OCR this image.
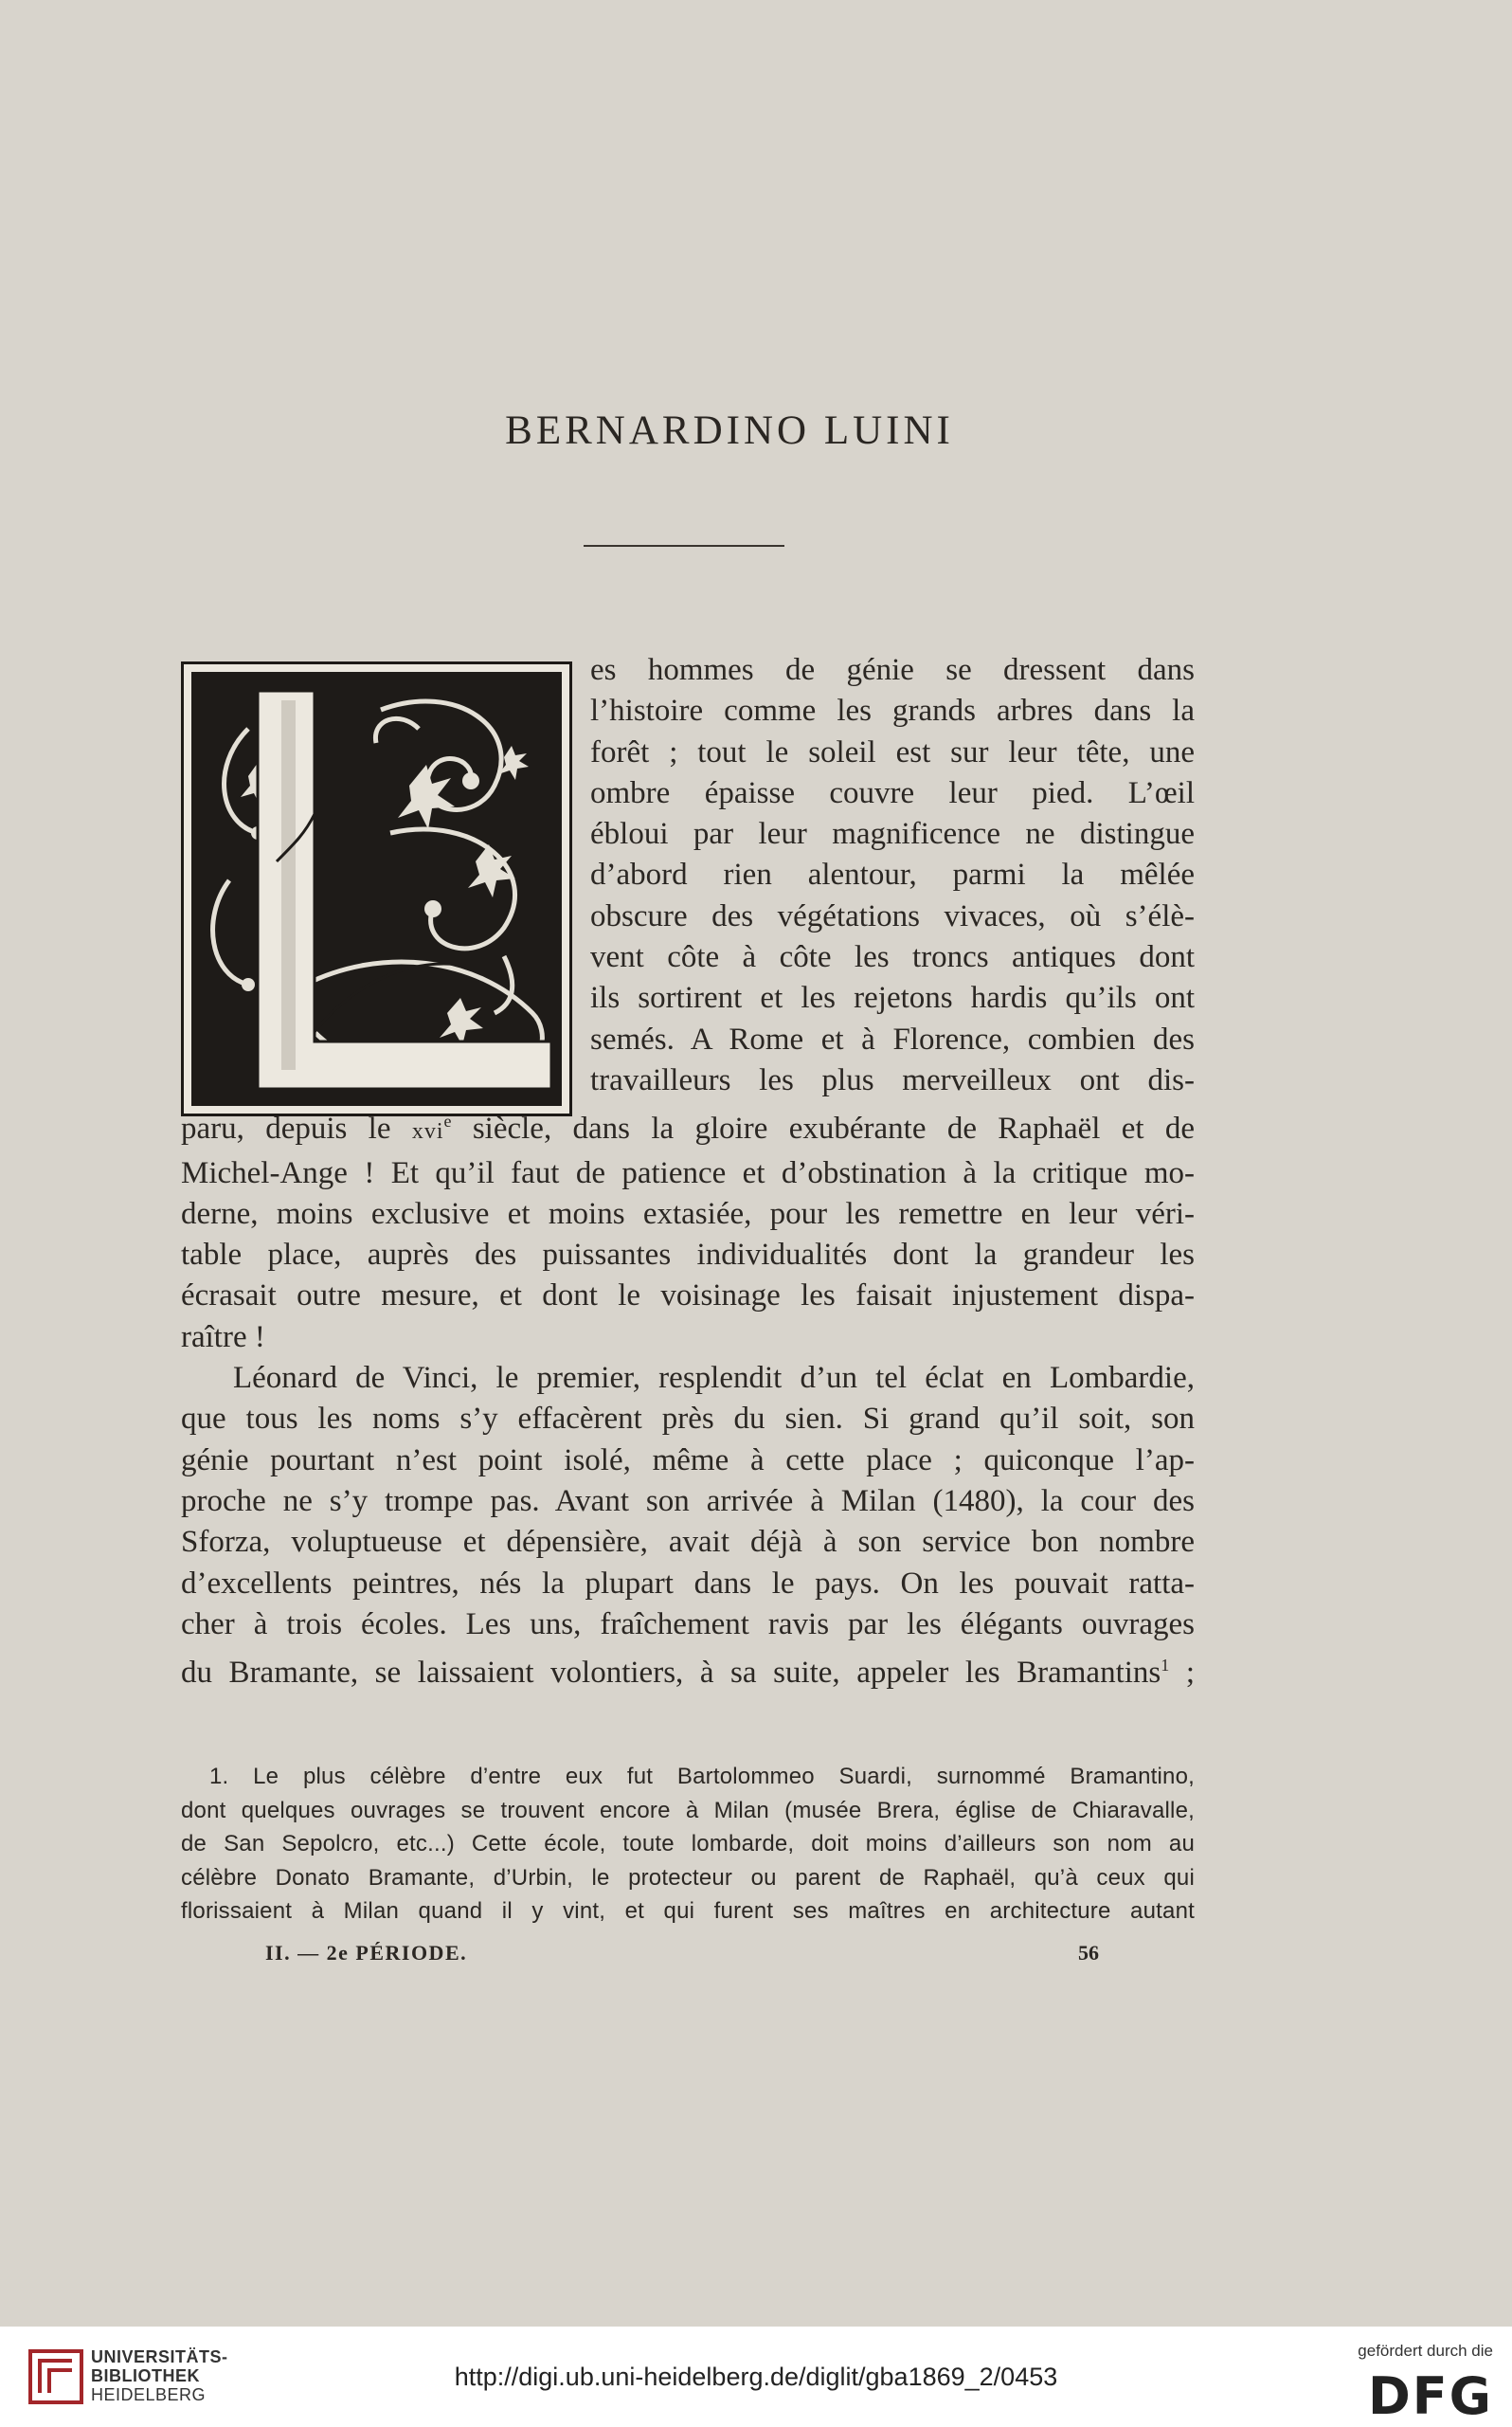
BERNARDINO LUINI
es hommes de génie se dressent dans
l’histoire comme les grands arbres dans la
forêt ; tout le soleil est sur leur tête, une
ombre épaisse couvre leur pied. L’œil
ébloui par leur magnificence ne distingue
d’abord rien alentour, parmi la mêlée
obscure des végétations vivaces, où s’élè-
vent côte à côte les troncs antiques dont
ils sortirent et les rejetons hardis qu’ils ont
semés. A Rome et à Florence, combien des
travailleurs les plus merveilleux ont dis-
paru, depuis le xvi$^e$ siècle, dans la gloire exubérante de Raphaël et de
Michel-Ange ! Et qu’il faut de patience et d’obstination à la critique mo-
derne, moins exclusive et moins extasiée, pour les remettre en leur véri-
table place, auprès des puissantes individualités dont la grandeur les
écrasait outre mesure, et dont le voisinage les faisait injustement dispa-
raître !
Léonard de Vinci, le premier, resplendit d’un tel éclat en Lombardie,
que tous les noms s’y effacèrent près du sien. Si grand qu’il soit, son
génie pourtant n’est point isolé, même à cette place ; quiconque l’ap-
proche ne s’y trompe pas. Avant son arrivée à Milan (1480), la cour des
Sforza, voluptueuse et dépensière, avait déjà à son service bon nombre
d’excellents peintres, nés la plupart dans le pays. On les pouvait ratta-
cher à trois écoles. Les uns, fraîchement ravis par les élégants ouvrages
du Bramante, se laissaient volontiers, à sa suite, appeler les Bramantins$^1$ ;
1. Le plus célèbre d’entre eux fut Bartolommeo Suardi, surnommé Bramantino,
dont quelques ouvrages se trouvent encore à Milan (musée Brera, église de Chiaravalle,
de San Sepolcro, etc...) Cette école, toute lombarde, doit moins d’ailleurs son nom au
célèbre Donato Bramante, d’Urbin, le protecteur ou parent de Raphaël, qu’à ceux qui
florissaient à Milan quand il y vint, et qui furent ses maîtres en architecture autant
II. — 2e PÉRIODE.	56
UNIVERSITÄTS-
BIBLIOTHEK
HEIDELBERG
http://digi.ub.uni-heidelberg.de/diglit/gba1869_2/0453
gefördert durch die
DFG
